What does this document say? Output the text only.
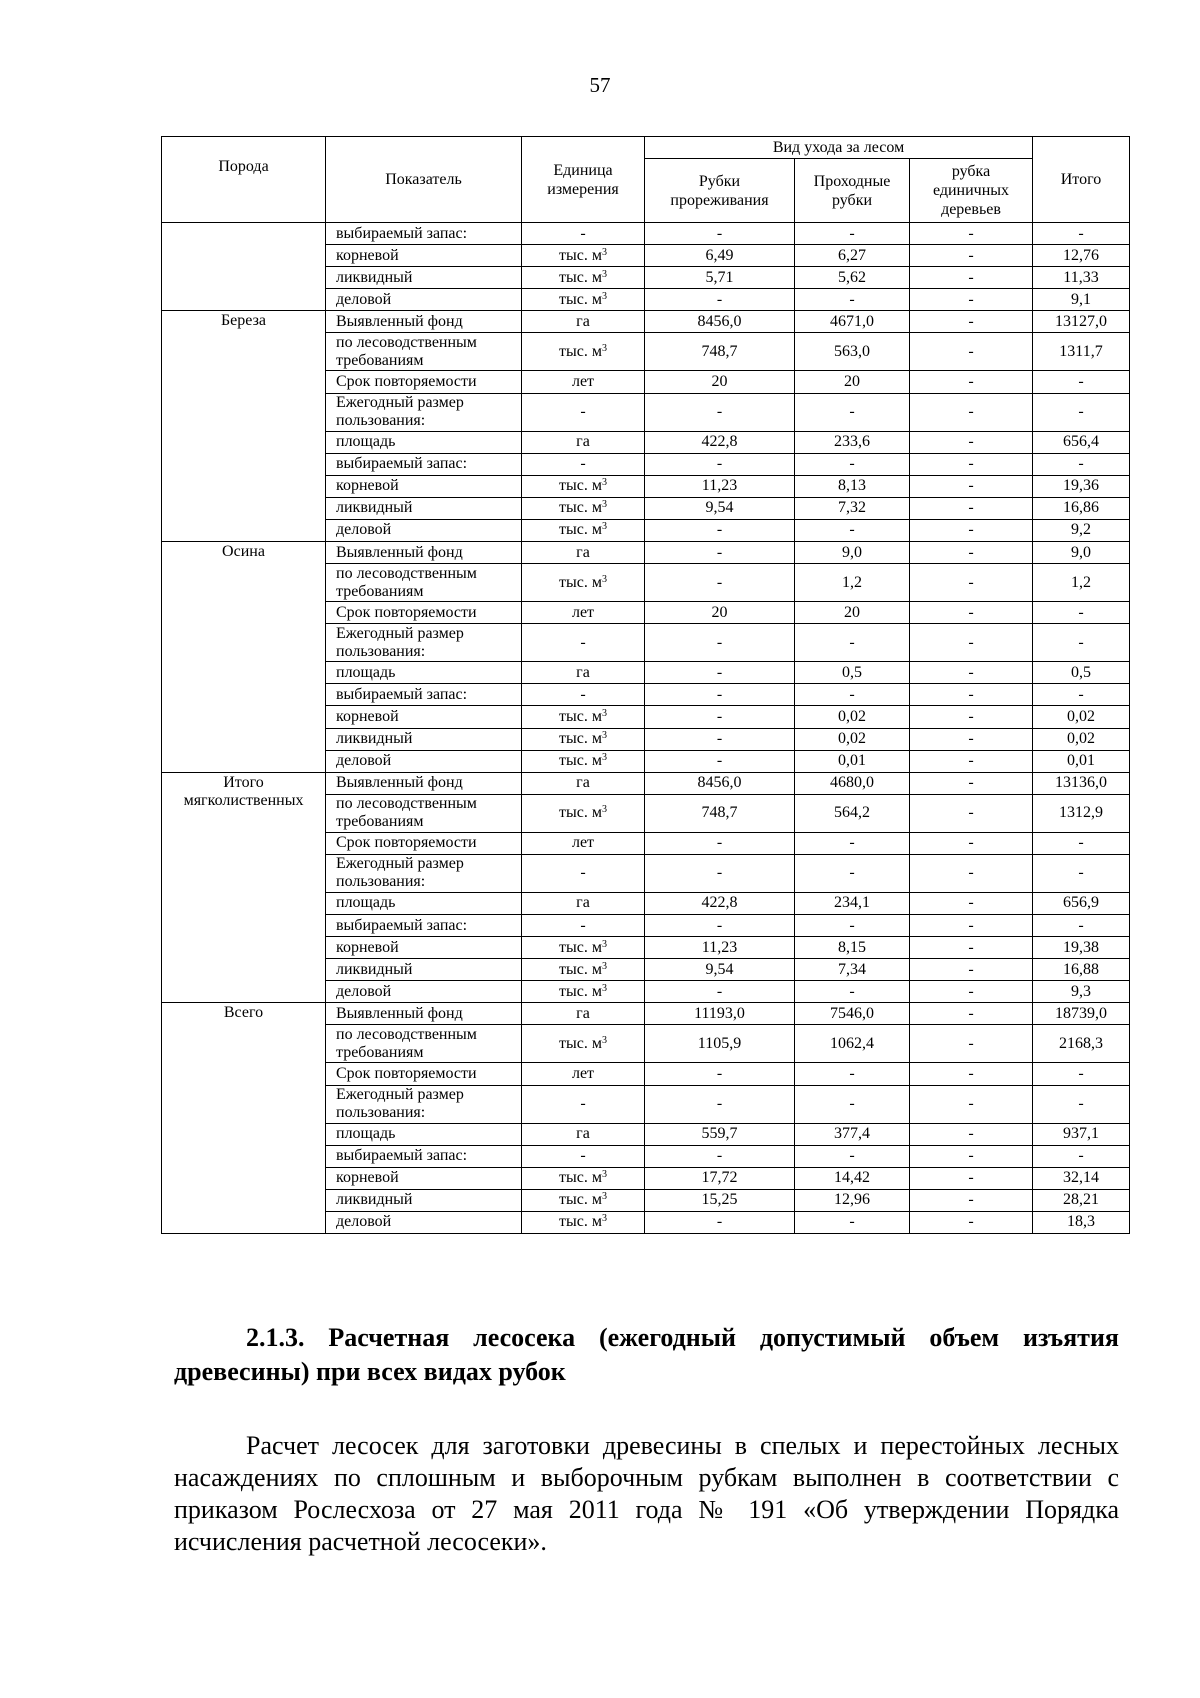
57
Порода	Показатель	Единица измерения	Вид ухода за лесом			Итого
			Рубки прореживания	Проходные рубки	рубка единичных деревьев	
	выбираемый запас:	-	-	-	-	-
	корневой	тыс. $м^3$	6,49	6,27	-	12,76
	ликвидный	тыс. $м^3$	5,71	5,62	-	11,33
	деловой	тыс. $м^3$	-	-	-	9,1
Береза	Выявленный фонд	га	8456,0	4671,0	-	13127,0
	по лесоводственным требованиям	тыс. $м^3$	748,7	563,0	-	1311,7
	Срок повторяемости	лет	20	20	-	-
	Ежегодный размер пользования:	-	-	-	-	-
	площадь	га	422,8	233,6	-	656,4
	выбираемый запас:	-	-	-	-	-
	корневой	тыс. $м^3$	11,23	8,13	-	19,36
	ликвидный	тыс. $м^3$	9,54	7,32	-	16,86
	деловой	тыс. $м^3$	-	-	-	9,2
Осина	Выявленный фонд	га	-	9,0	-	9,0
	по лесоводственным требованиям	тыс. $м^3$	-	1,2	-	1,2
	Срок повторяемости	лет	20	20	-	-
	Ежегодный размер пользования:	-	-	-	-	-
	площадь	га	-	0,5	-	0,5
	выбираемый запас:	-	-	-	-	-
	корневой	тыс. $м^3$	-	0,02	-	0,02
	ликвидный	тыс. $м^3$	-	0,02	-	0,02
	деловой	тыс. $м^3$	-	0,01	-	0,01
Итого мягколиственных	Выявленный фонд	га	8456,0	4680,0	-	13136,0
	по лесоводственным требованиям	тыс. $м^3$	748,7	564,2	-	1312,9
	Срок повторяемости	лет	-	-	-	-
	Ежегодный размер пользования:	-	-	-	-	-
	площадь	га	422,8	234,1	-	656,9
	выбираемый запас:	-	-	-	-	-
	корневой	тыс. $м^3$	11,23	8,15	-	19,38
	ликвидный	тыс. $м^3$	9,54	7,34	-	16,88
	деловой	тыс. $м^3$	-	-	-	9,3
Всего	Выявленный фонд	га	11193,0	7546,0	-	18739,0
	по лесоводственным требованиям	тыс. $м^3$	1105,9	1062,4	-	2168,3
	Срок повторяемости	лет	-	-	-	-
	Ежегодный размер пользования:	-	-	-	-	-
	площадь	га	559,7	377,4	-	937,1
	выбираемый запас:	-	-	-	-	-
	корневой	тыс. $м^3$	17,72	14,42	-	32,14
	ликвидный	тыс. $м^3$	15,25	12,96	-	28,21
	деловой	тыс. $м^3$	-	-	-	18,3
2.1.3. Расчетная лесосека (ежегодный допустимый объем изъятия древесины) при всех видах рубок
Расчет лесосек для заготовки древесины в спелых и перестойных лесных насаждениях по сплошным и выборочным рубкам выполнен в соответствии с приказом Рослесхоза от 27 мая 2011 года № 191 «Об утверждении Порядка исчисления расчетной лесосеки».
